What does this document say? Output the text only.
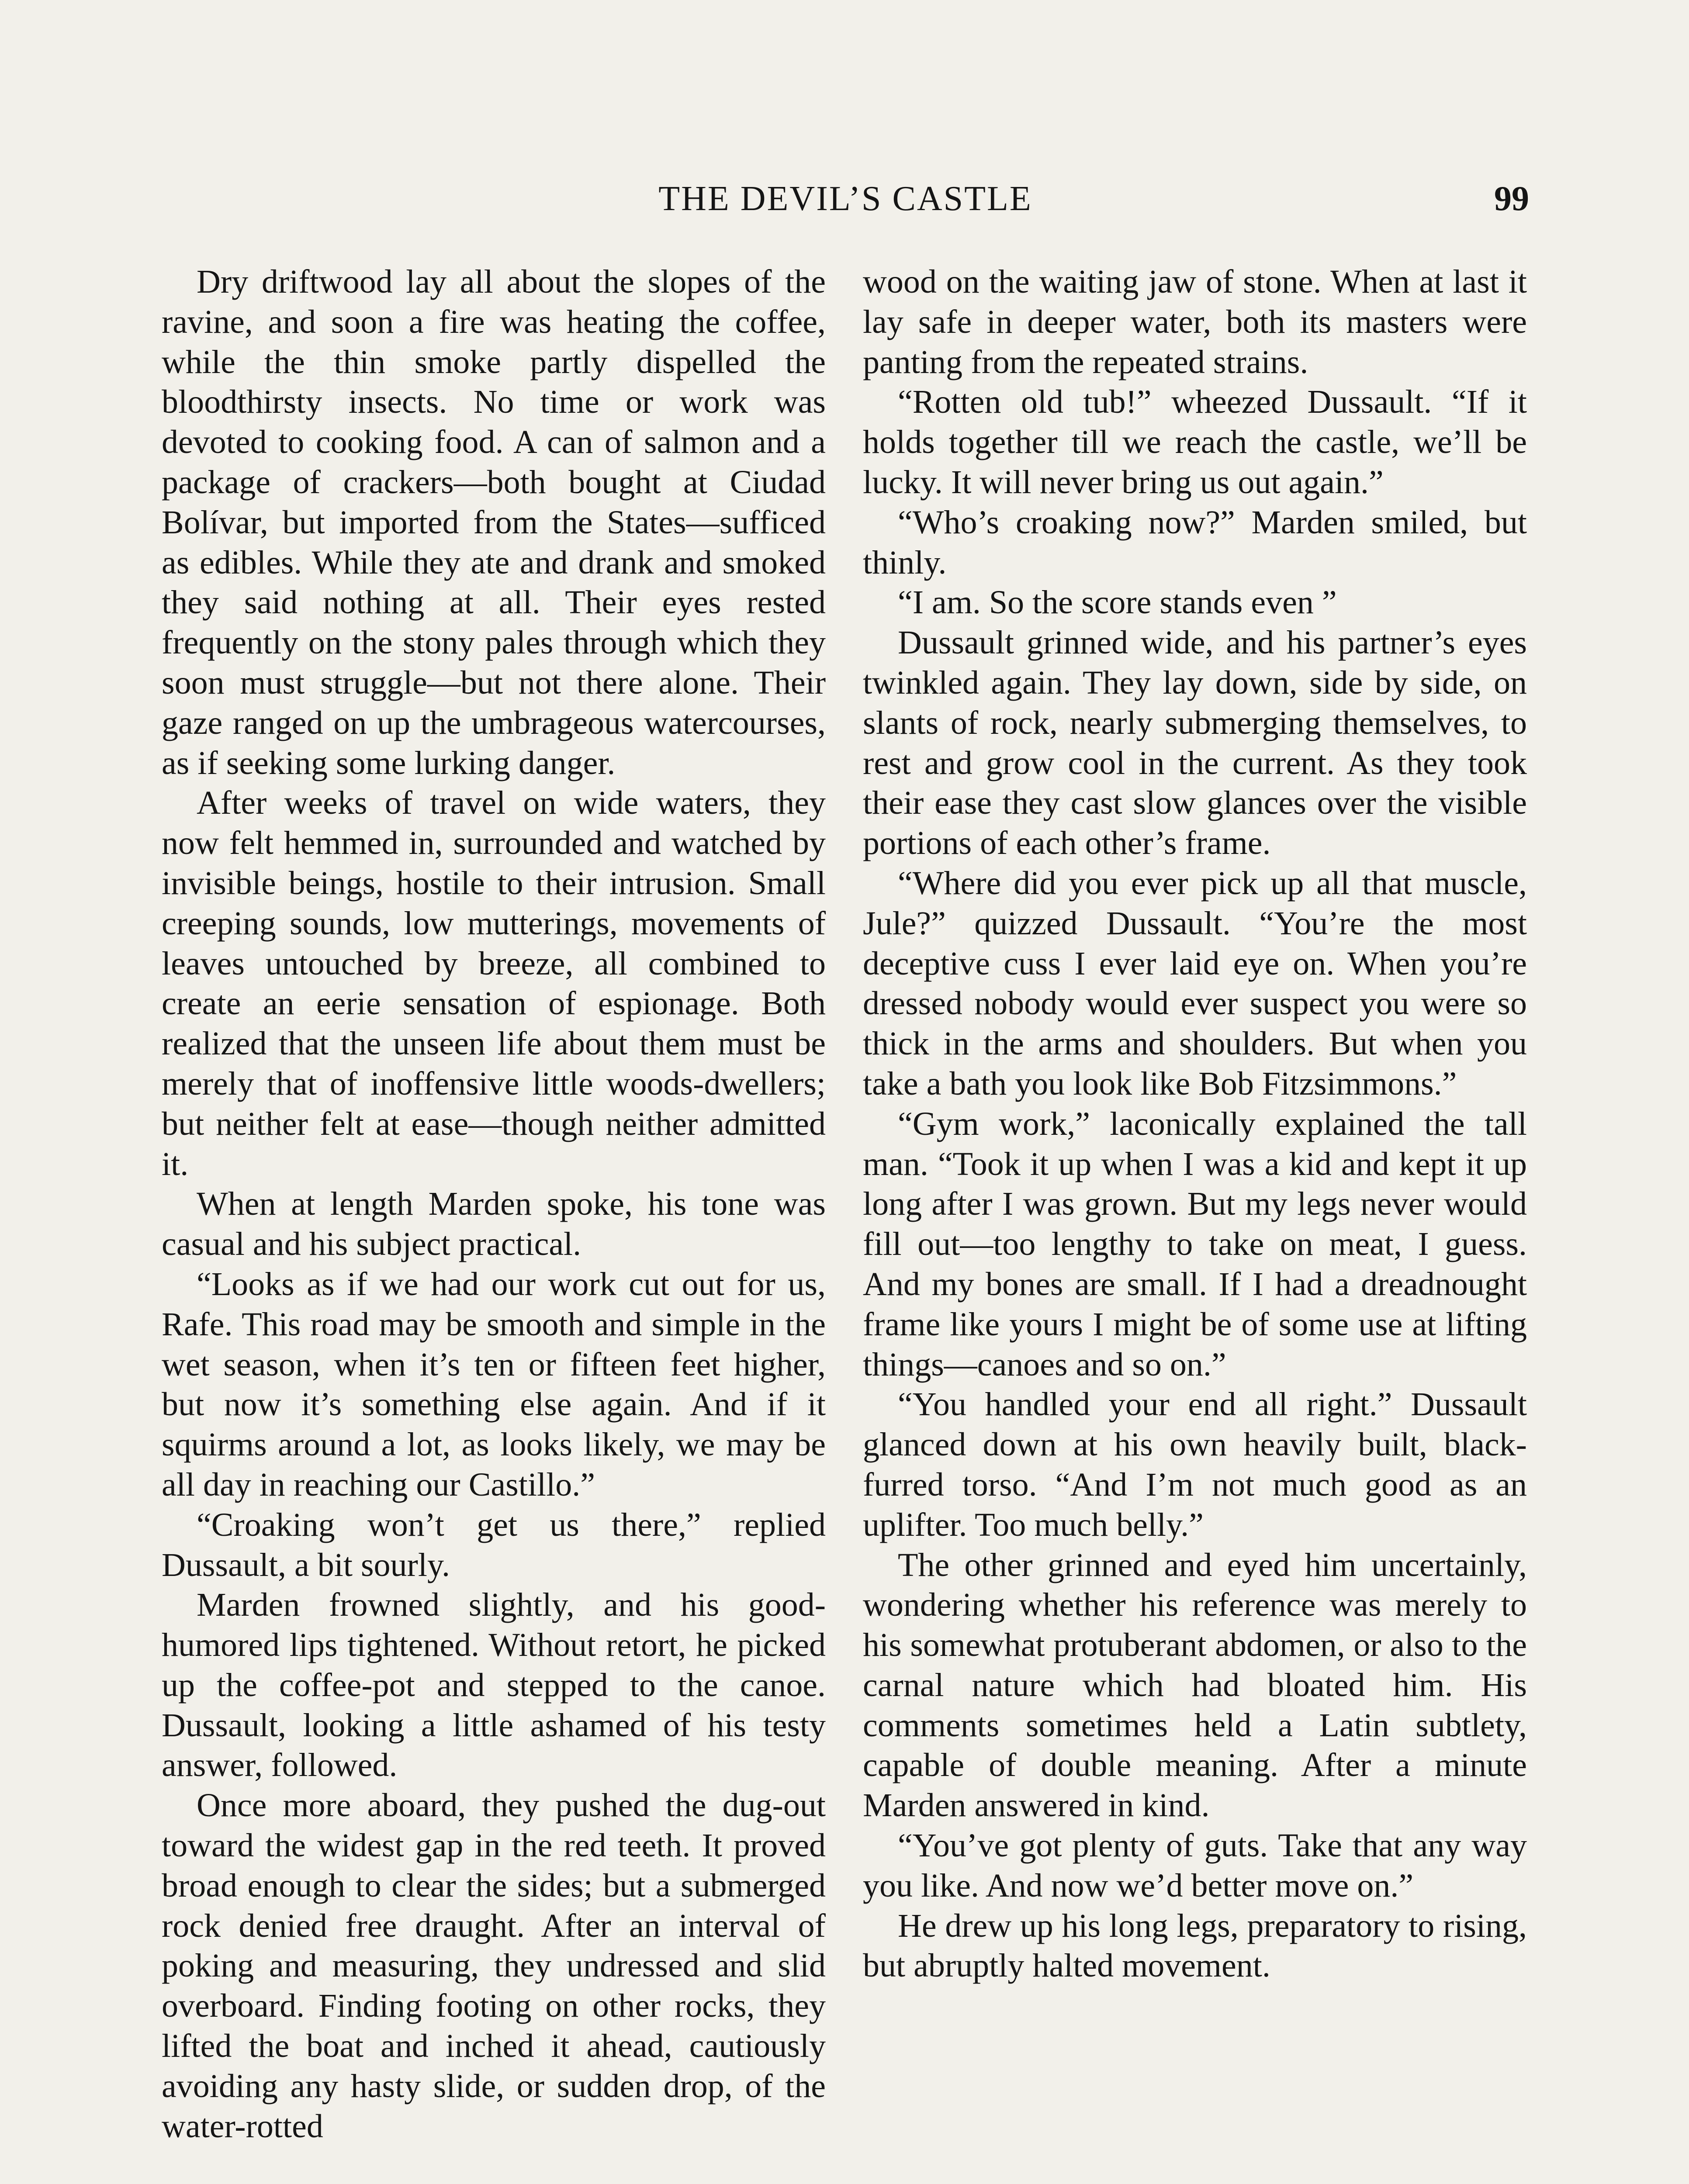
THE DEVIL’S CASTLE	99

Dry driftwood lay all about the slopes of the ravine, and soon a fire was heating the coffee, while the thin smoke partly dispelled the bloodthirsty insects. No time or work was devoted to cooking food. A can of salmon and a package of crackers—both bought at Ciudad Bolívar, but imported from the States—sufficed as edibles. While they ate and drank and smoked they said nothing at all. Their eyes rested frequently on the stony pales through which they soon must struggle—but not there alone. Their gaze ranged on up the umbrageous watercourses, as if seeking some lurking danger.

After weeks of travel on wide waters, they now felt hemmed in, surrounded and watched by invisible beings, hostile to their intrusion. Small creeping sounds, low mutterings, movements of leaves untouched by breeze, all combined to create an eerie sensation of espionage. Both realized that the unseen life about them must be merely that of inoffensive little woods-dwellers; but neither felt at ease—though neither admitted it.

When at length Marden spoke, his tone was casual and his subject practical.

“Looks as if we had our work cut out for us, Rafe. This road may be smooth and simple in the wet season, when it’s ten or fifteen feet higher, but now it’s something else again. And if it squirms around a lot, as looks likely, we may be all day in reaching our Castillo.”

“Croaking won’t get us there,” replied Dussault, a bit sourly.

Marden frowned slightly, and his good-humored lips tightened. Without retort, he picked up the coffee-pot and stepped to the canoe. Dussault, looking a little ashamed of his testy answer, followed.

Once more aboard, they pushed the dug-out toward the widest gap in the red teeth. It proved broad enough to clear the sides; but a submerged rock denied free draught. After an interval of poking and measuring, they undressed and slid overboard. Finding footing on other rocks, they lifted the boat and inched it ahead, cautiously avoiding any hasty slide, or sudden drop, of the water-rotted

wood on the waiting jaw of stone. When at last it lay safe in deeper water, both its masters were panting from the repeated strains.

“Rotten old tub!” wheezed Dussault. “If it holds together till we reach the castle, we’ll be lucky. It will never bring us out again.”

“Who’s croaking now?” Marden smiled, but thinly.

“I am. So the score stands even ”

Dussault grinned wide, and his partner’s eyes twinkled again. They lay down, side by side, on slants of rock, nearly submerging themselves, to rest and grow cool in the current. As they took their ease they cast slow glances over the visible portions of each other’s frame.

“Where did you ever pick up all that muscle, Jule?” quizzed Dussault. “You’re the most deceptive cuss I ever laid eye on. When you’re dressed nobody would ever suspect you were so thick in the arms and shoulders. But when you take a bath you look like Bob Fitzsimmons.”

“Gym work,” laconically explained the tall man. “Took it up when I was a kid and kept it up long after I was grown. But my legs never would fill out—too lengthy to take on meat, I guess. And my bones are small. If I had a dreadnought frame like yours I might be of some use at lifting things—canoes and so on.”

“You handled your end all right.” Dussault glanced down at his own heavily built, black-furred torso. “And I’m not much good as an uplifter. Too much belly.”

The other grinned and eyed him uncertainly, wondering whether his reference was merely to his somewhat protuberant abdomen, or also to the carnal nature which had bloated him. His comments sometimes held a Latin subtlety, capable of double meaning. After a minute Marden answered in kind.

“You’ve got plenty of guts. Take that any way you like. And now we’d better move on.”

He drew up his long legs, preparatory to rising, but abruptly halted movement.
